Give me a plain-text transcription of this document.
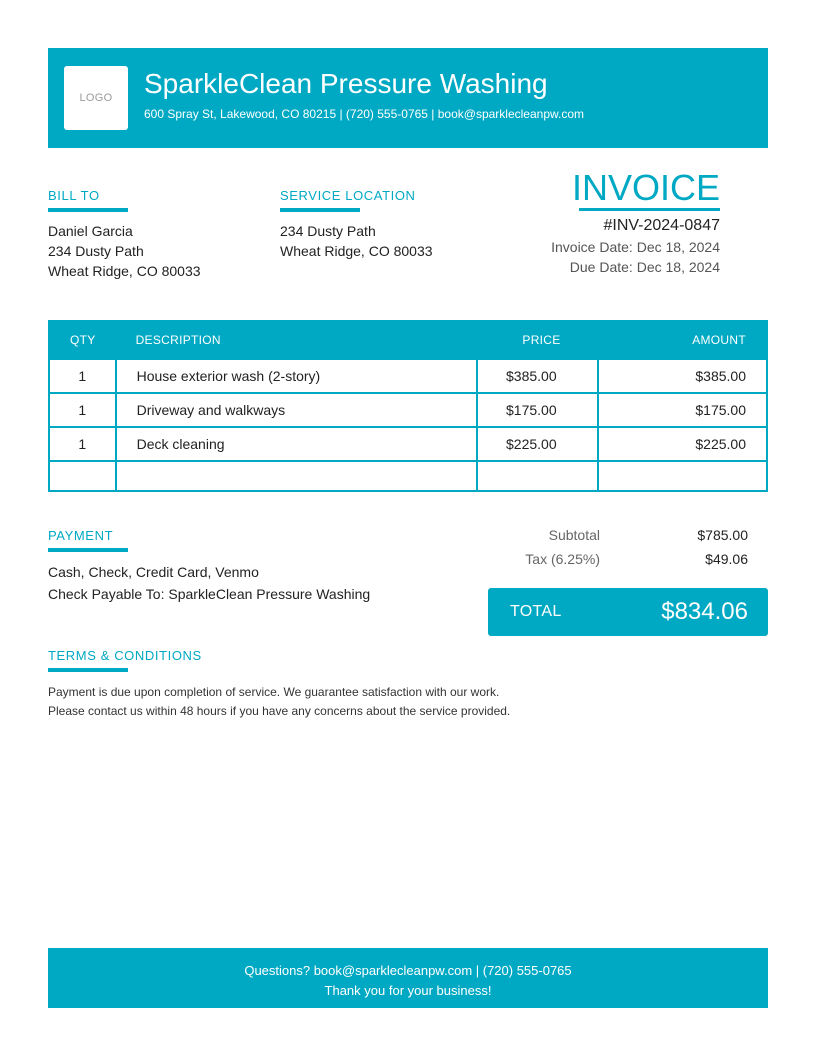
LOGO SparkleClean Pressure Washing
600 Spray St, Lakewood, CO 80215 | (720) 555-0765 | book@sparklecleanpw.com
BILL TO
Daniel Garcia
234 Dusty Path
Wheat Ridge, CO 80033
SERVICE LOCATION
234 Dusty Path
Wheat Ridge, CO 80033
INVOICE
#INV-2024-0847
Invoice Date: Dec 18, 2024
Due Date: Dec 18, 2024
QTY	DESCRIPTION	PRICE	AMOUNT
1	House exterior wash (2-story)	$385.00	$385.00
1	Driveway and walkways	$175.00	$175.00
1	Deck cleaning	$225.00	$225.00

PAYMENT
Cash, Check, Credit Card, Venmo
Check Payable To: SparkleClean Pressure Washing
Subtotal	$785.00
Tax (6.25%)	$49.06
TOTAL	$834.06
TERMS & CONDITIONS
Payment is due upon completion of service. We guarantee satisfaction with our work.
Please contact us within 48 hours if you have any concerns about the service provided.
Questions? book@sparklecleanpw.com | (720) 555-0765
Thank you for your business!
